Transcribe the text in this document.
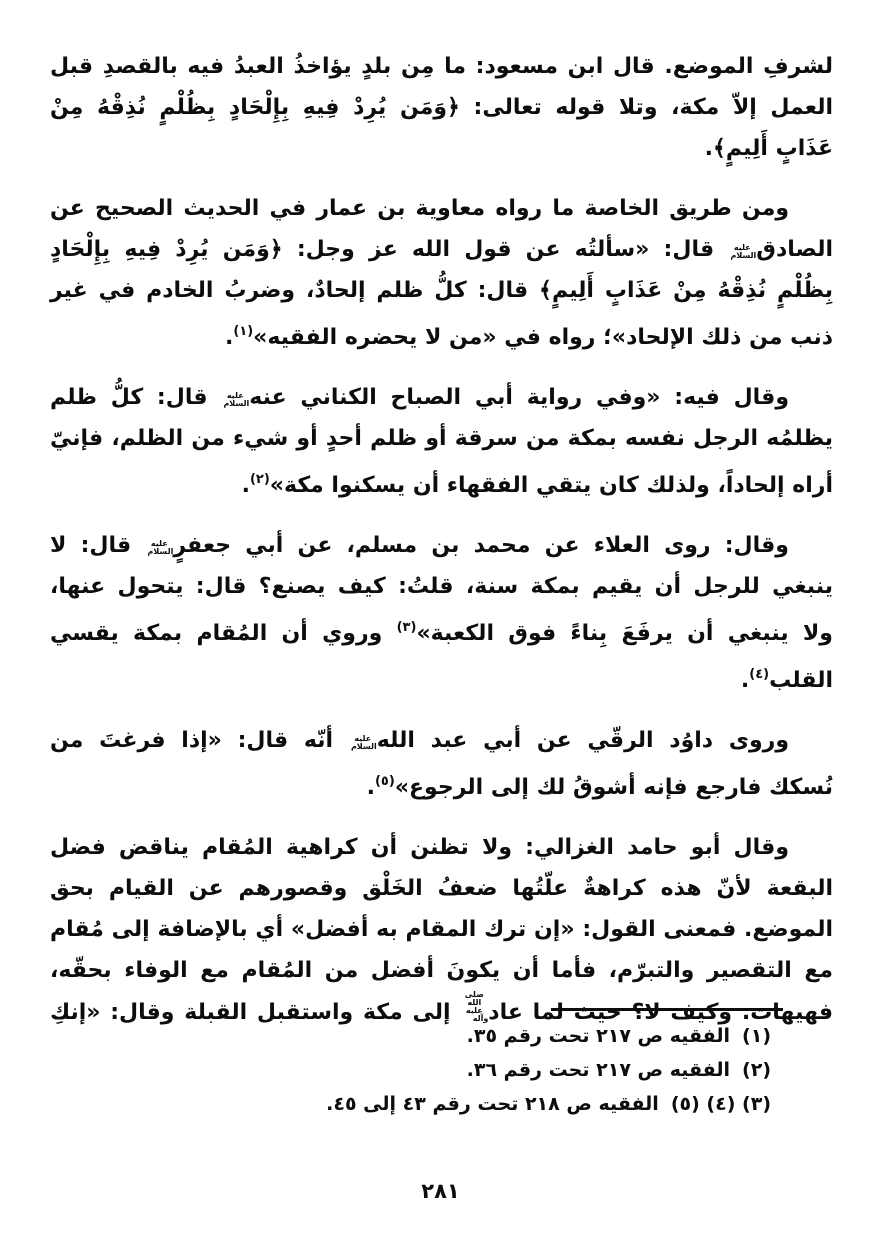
لشرفِ الموضع. قال ابن مسعود: ما مِن بلدٍ يؤاخذُ العبدُ فيه بالقصدِ قبل
العمل إلاّ مكة، وتلا قوله تعالى: ﴿وَمَن يُرِدْ فِيهِ بِإِلْحَادٍ بِظُلْمٍ نُذِقْهُ مِنْ
عَذَابٍ أَلِيمٍ﴾.
ومن طريق الخاصة ما رواه معاوية بن عمار في الحديث الصحيح عن
الصادقعليه السلام قال: «سألتُه عن قول الله عز وجل: ﴿وَمَن يُرِدْ فِيهِ بِإِلْحَادٍ
بِظُلْمٍ نُذِقْهُ مِنْ عَذَابٍ أَلِيمٍ﴾ قال: كلُّ ظلم إلحادٌ، وضربُ الخادم في غير
ذنب من ذلك الإلحاد»؛ رواه في «من لا يحضره الفقيه»$^{(١)}$.
وقال فيه: «وفي رواية أبي الصباح الكناني عنهعليه السلام قال: كلُّ ظلم
يظلمُه الرجل نفسه بمكة من سرقة أو ظلم أحدٍ أو شيء من الظلم، فإنيّ
أراه إلحاداً، ولذلك كان يتقي الفقهاء أن يسكنوا مكة»$^{(٢)}$.
وقال: روى العلاء عن محمد بن مسلم، عن أبي جعفرٍعليه السلام قال: لا
ينبغي للرجل أن يقيم بمكة سنة، قلتُ: كيف يصنع؟ قال: يتحول عنها،
ولا ينبغي أن يرفَعَ بِناءً فوق الكعبة»$^{(٣)}$ وروي أن المُقام بمكة يقسي
القلب$^{(٤)}$.
وروى داوُد الرقّي عن أبي عبد اللهعليه السلام أنّه قال: «إذا فرغتَ من
نُسكك فارجع فإنه أشوقُ لك إلى الرجوع»$^{(٥)}$.
وقال أبو حامد الغزالي: ولا تظنن أن كراهية المُقام يناقض فضل
البقعة لأنّ هذه كراهةٌ علّتُها ضعفُ الخَلْق وقصورهم عن القيام بحق
الموضع. فمعنى القول: «إن ترك المقام به أفضل» أي بالإضافة إلى مُقام
مع التقصير والتبرّم، فأما أن يكونَ أفضل من المُقام مع الوفاء بحقّه،
فهيهات. وكيف لا؟ حيث لما عادصلى الله عليه وآله إلى مكة واستقبل القبلة وقال: «إنكِ
(١)الفقيه ص ٢١٧ تحت رقم ٣٥.
(٢)الفقيه ص ٢١٧ تحت رقم ٣٦.
(٣) (٤) (٥)الفقيه ص ٢١٨ تحت رقم ٤٣ إلى ٤٥.
٢٨١
